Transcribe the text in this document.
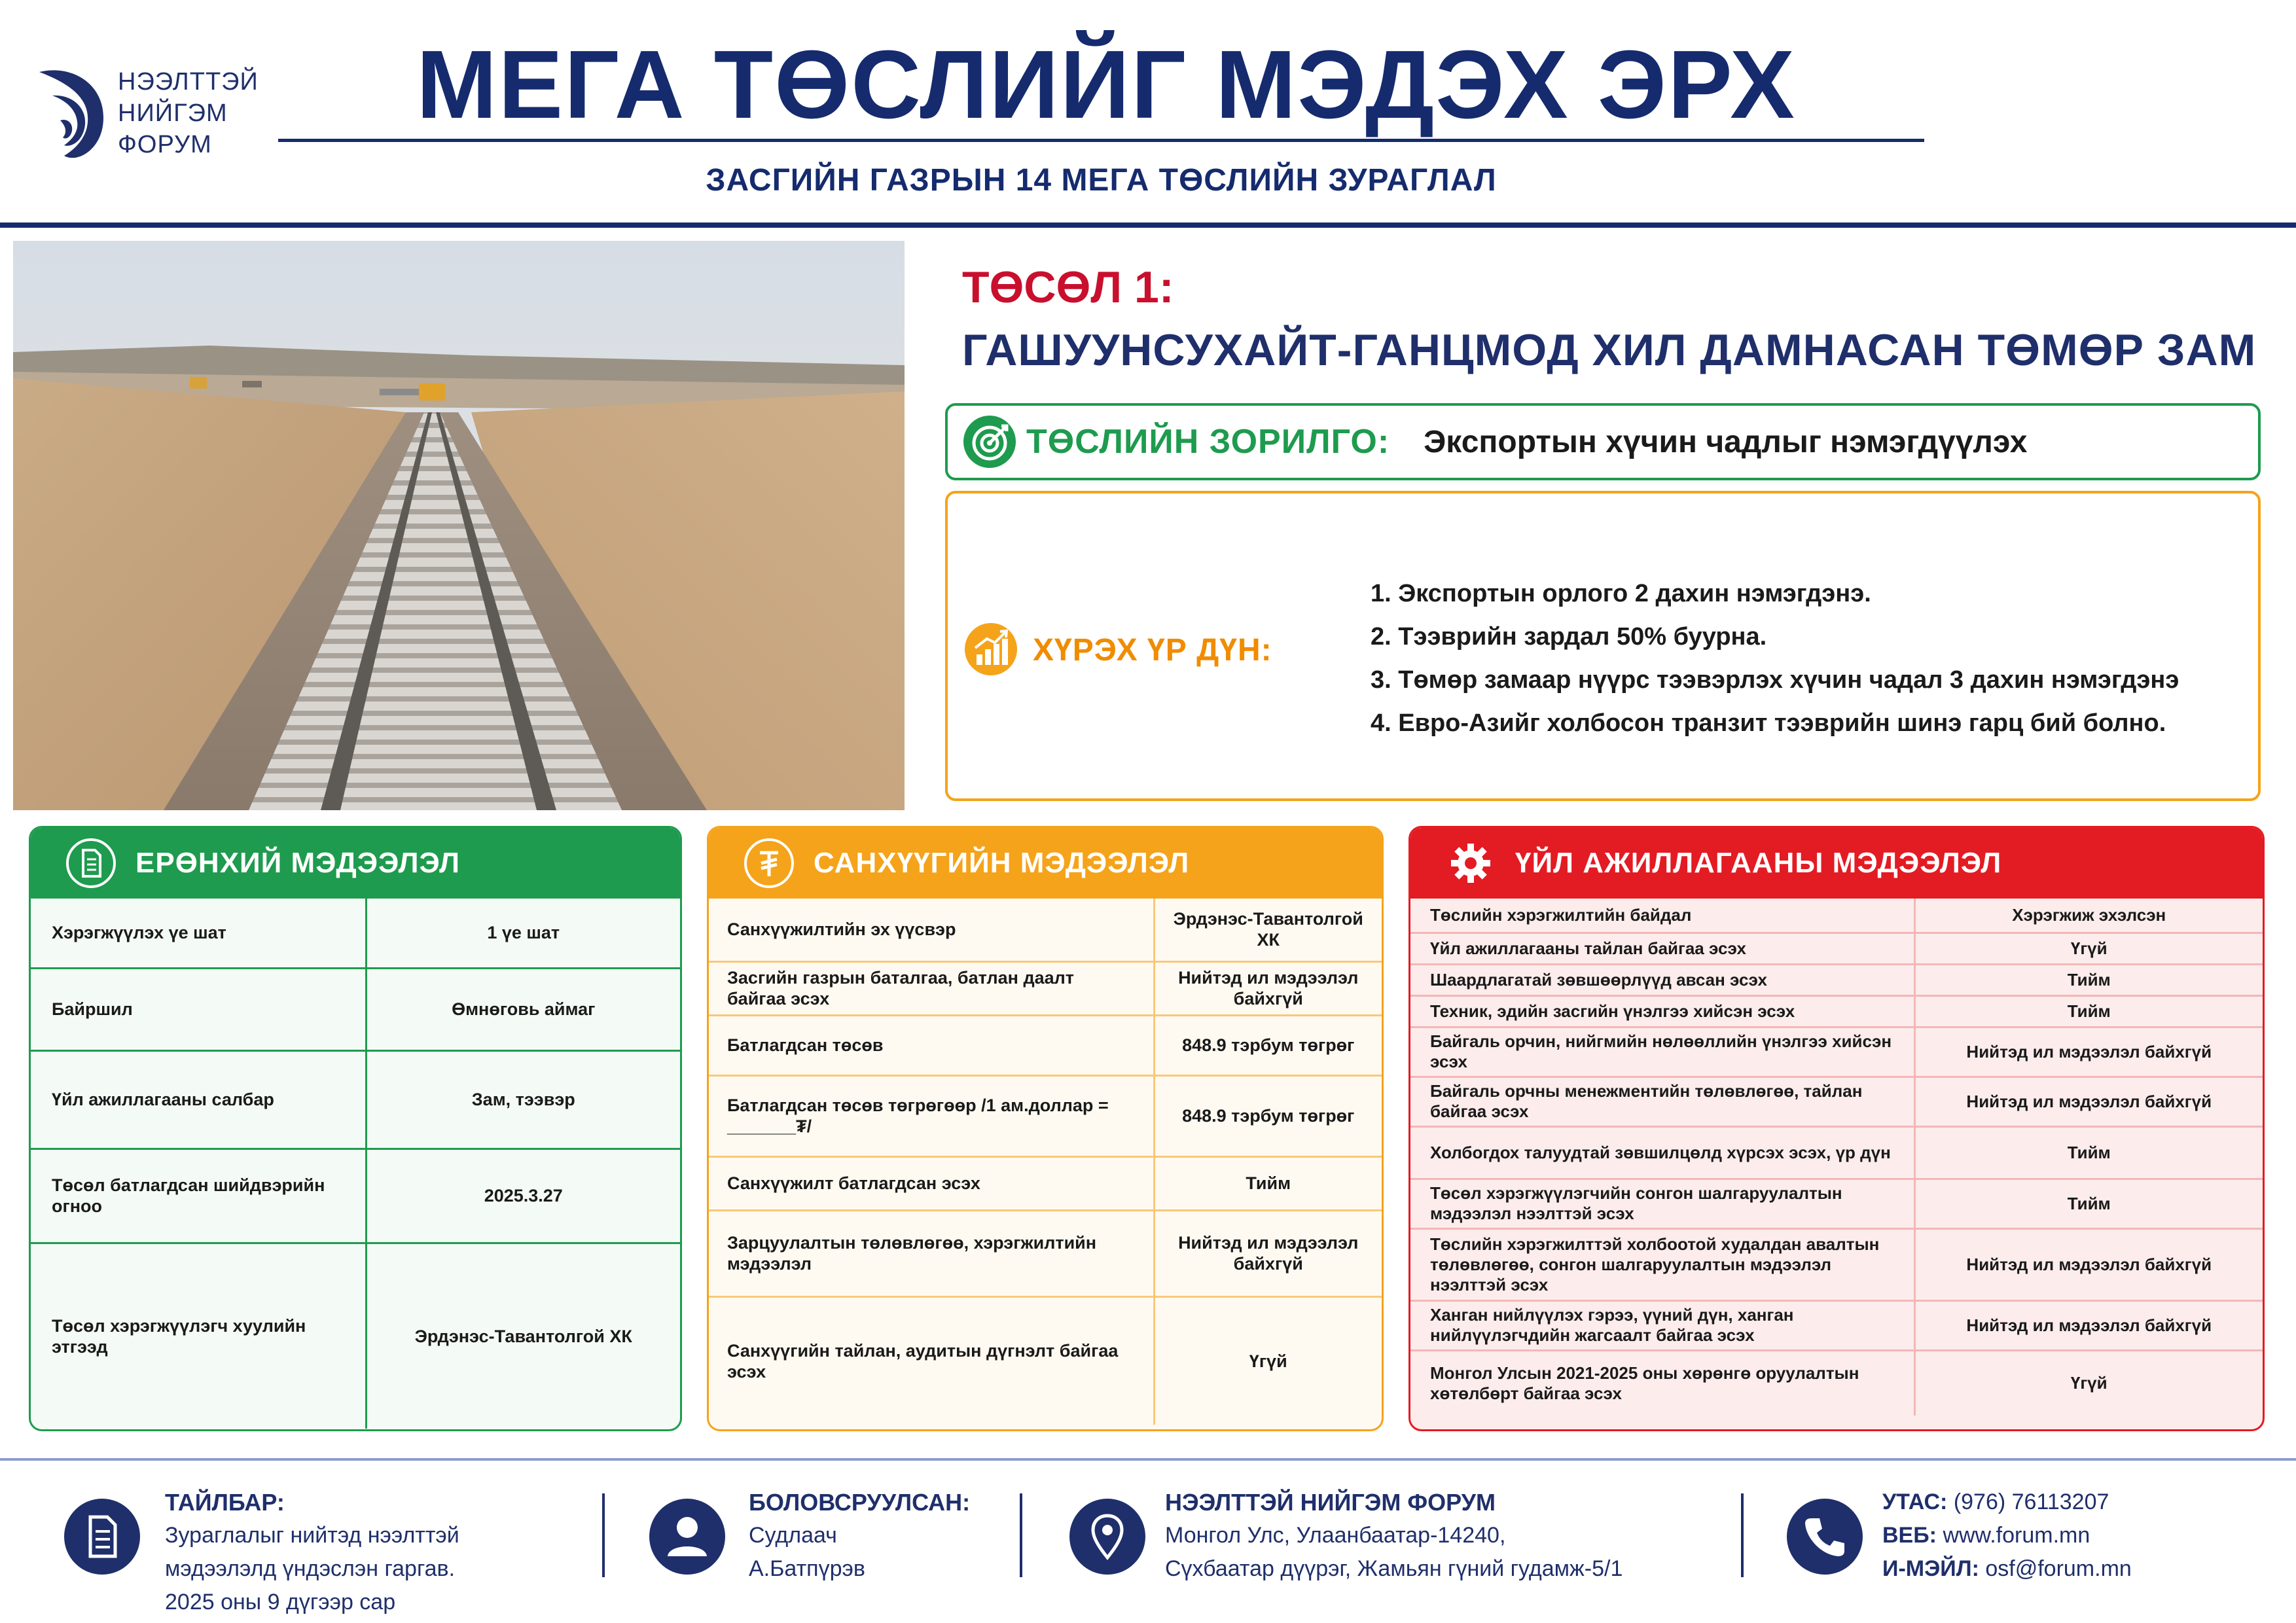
НЭЭЛТТЭЙ
НИЙГЭМ
ФОРУМ
МЕГА ТӨСЛИЙГ МЭДЭХ ЭРХ
ЗАСГИЙН ГАЗРЫН 14 МЕГА ТӨСЛИЙН ЗУРАГЛАЛ
ТӨСӨЛ 1:
ГАШУУНСУХАЙТ-ГАНЦМОД ХИЛ ДАМНАСАН ТӨМӨР ЗАМ
ТӨСЛИЙН ЗОРИЛГО: Экспортын хүчин чадлыг нэмэгдүүлэх
ХҮРЭХ ҮР ДҮН:
1. Экспортын орлого 2 дахин нэмэгдэнэ.
2. Тээврийн зардал 50% буурна.
3. Төмөр замаар нүүрс тээвэрлэх хүчин чадал 3 дахин нэмэгдэнэ
4. Евро-Азийг холбосон транзит тээврийн шинэ гарц бий болно.
ЕРӨНХИЙ МЭДЭЭЛЭЛ
Хэрэгжүүлэх үе шат	1 үе шат
Байршил	Өмнөговь аймаг
Үйл ажиллагааны салбар	Зам, тээвэр
Төсөл батлагдсан шийдвэрийн огноо	2025.3.27
Төсөл хэрэгжүүлэгч хуулийн этгээд	Эрдэнэс-Тавантолгой ХК
САНХҮҮГИЙН МЭДЭЭЛЭЛ
Санхүүжилтийн эх үүсвэр	Эрдэнэс-Тавантолгой ХК
Засгийн газрын баталгаа, батлан даалт байгаа эсэх	Нийтэд ил мэдээлэл байхгүй
Батлагдсан төсөв	848.9 тэрбум төгрөг
Батлагдсан төсөв төгрөгөөр /1 ам.доллар = _______₮/	848.9 тэрбум төгрөг
Санхүүжилт батлагдсан эсэх	Тийм
Зарцуулалтын төлөвлөгөө, хэрэгжилтийн мэдээлэл	Нийтэд ил мэдээлэл байхгүй
Санхүүгийн тайлан, аудитын дүгнэлт байгаа эсэх	Үгүй
ҮЙЛ АЖИЛЛАГААНЫ МЭДЭЭЛЭЛ
Төслийн хэрэгжилтийн байдал	Хэрэгжиж эхэлсэн
Үйл ажиллагааны тайлан байгаа эсэх	Үгүй
Шаардлагатай зөвшөөрлүүд авсан эсэх	Тийм
Техник, эдийн засгийн үнэлгээ хийсэн эсэх	Тийм
Байгаль орчин, нийгмийн нөлөөллийн үнэлгээ хийсэн эсэх	Нийтэд ил мэдээлэл байхгүй
Байгаль орчны менежментийн төлөвлөгөө, тайлан байгаа эсэх	Нийтэд ил мэдээлэл байхгүй
Холбогдох талуудтай зөвшилцөлд хүрсэх эсэх, үр дүн	Тийм
Төсөл хэрэгжүүлэгчийн сонгон шалгаруулалтын мэдээлэл нээлттэй эсэх	Тийм
Төслийн хэрэгжилттэй холбоотой худалдан авалтын төлөвлөгөө, сонгон шалгаруулалтын мэдээлэл нээлттэй эсэх	Нийтэд ил мэдээлэл байхгүй
Ханган нийлүүлэх гэрээ, үүний дүн, ханган нийлүүлэгчдийн жагсаалт байгаа эсэх	Нийтэд ил мэдээлэл байхгүй
Монгол Улсын 2021-2025 оны хөрөнгө оруулалтын хөтөлбөрт байгаа эсэх	Үгүй
ТАЙЛБАР:
Зураглалыг нийтэд нээлттэй
мэдээлэлд үндэслэн гаргав.
2025 оны 9 дүгээр сар
БОЛОВСРУУЛСАН:
Судлаач
А.Батпүрэв
НЭЭЛТТЭЙ НИЙГЭМ ФОРУМ
Монгол Улс, Улаанбаатар-14240,
Сүхбаатар дүүрэг, Жамьян гүний гудамж-5/1
УТАС: (976) 76113207
ВЕБ: www.forum.mn
И-МЭЙЛ: osf@forum.mn
